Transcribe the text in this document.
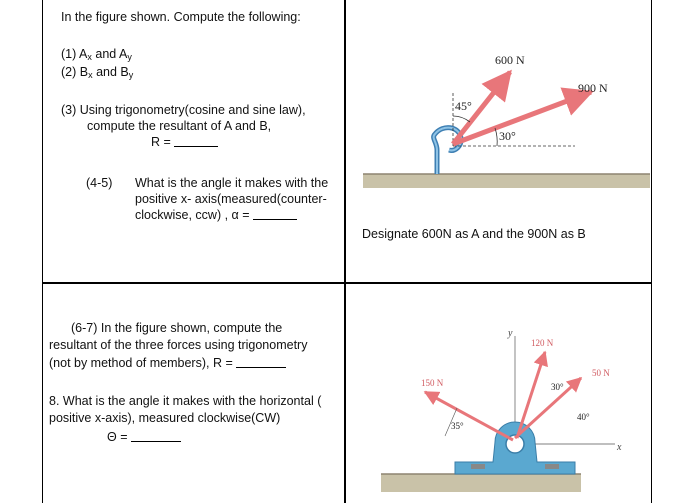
In the figure shown. Compute the following:
(1) $A_x$ and $A_y$
(2) $B_x$ and $B_y$
(3) Using trigonometry(cosine and sine law),
compute the resultant of A and B,
R =
(4-5) What is the angle it makes with the
positive x- axis(measured(counter-
clockwise, ccw) , α =
600 N
900 N
45°
30°
Designate 600N as A and the 900N as B
(6-7) In the figure shown, compute the
resultant of the three forces using trigonometry
(not by method of members), R =
8. What is the angle it makes with the horizontal (
positive x-axis), measured clockwise(CW)
Θ =
y
x
150 N
120 N
50 N
35°
30°
40°
